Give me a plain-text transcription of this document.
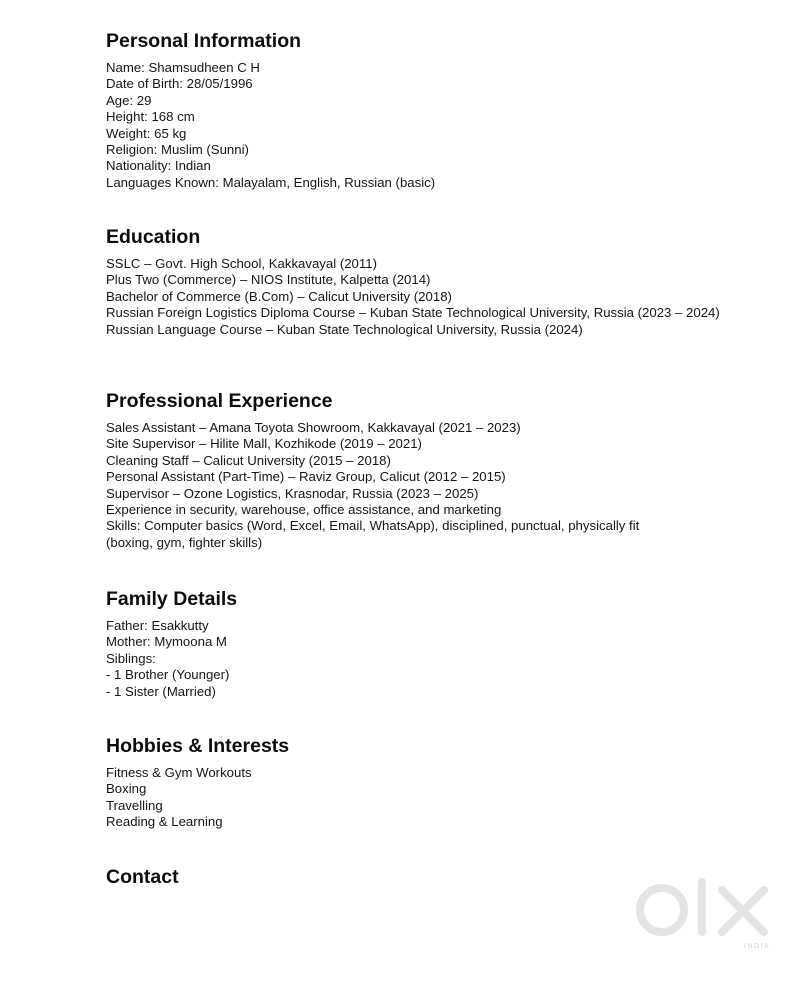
Personal Information
Name: Shamsudheen C H
Date of Birth: 28/05/1996
Age: 29
Height: 168 cm
Weight: 65 kg
Religion: Muslim (Sunni)
Nationality: Indian
Languages Known: Malayalam, English, Russian (basic)
Education
SSLC – Govt. High School, Kakkavayal (2011)
Plus Two (Commerce) – NIOS Institute, Kalpetta (2014)
Bachelor of Commerce (B.Com) – Calicut University (2018)
Russian Foreign Logistics Diploma Course – Kuban State Technological University, Russia (2023 – 2024)
Russian Language Course – Kuban State Technological University, Russia (2024)
Professional Experience
Sales Assistant – Amana Toyota Showroom, Kakkavayal (2021 – 2023)
Site Supervisor – Hilite Mall, Kozhikode (2019 – 2021)
Cleaning Staff – Calicut University (2015 – 2018)
Personal Assistant (Part-Time) – Raviz Group, Calicut (2012 – 2015)
Supervisor – Ozone Logistics, Krasnodar, Russia (2023 – 2025)
Experience in security, warehouse, office assistance, and marketing
Skills: Computer basics (Word, Excel, Email, WhatsApp), disciplined, punctual, physically fit (boxing, gym, fighter skills)
Family Details
Father: Esakkutty
Mother: Mymoona M
Siblings:
- 1 Brother (Younger)
- 1 Sister (Married)
Hobbies & Interests
Fitness & Gym Workouts
Boxing
Travelling
Reading & Learning
Contact
INDIA
